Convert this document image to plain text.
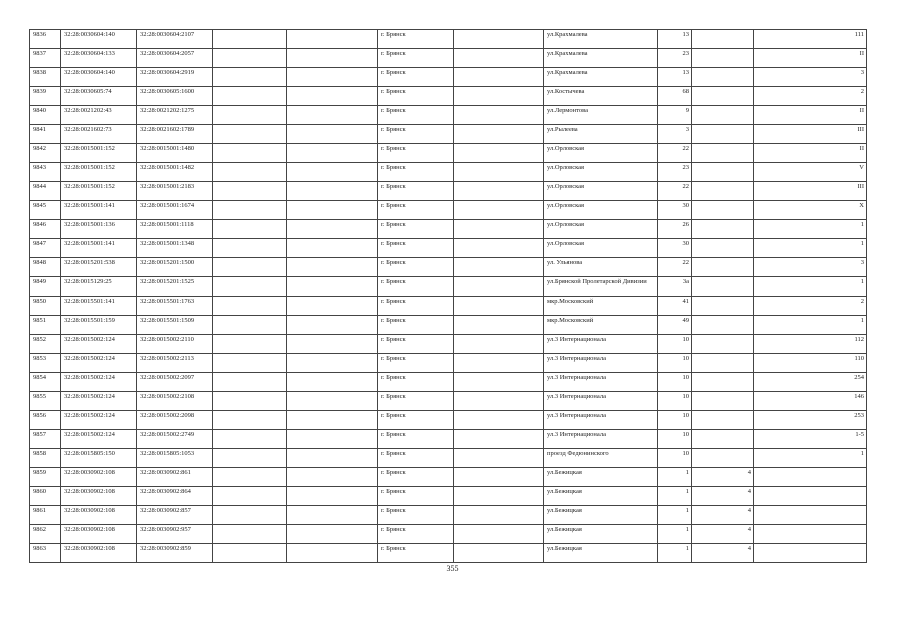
9836	32:28:0030604:140	32:28:0030604:2107			г. Брянск		ул.Крахмалева	13		111
9837	32:28:0030604:133	32:28:0030604:2057			г. Брянск		ул.Крахмалева	23		II
9838	32:28:0030604:140	32:28:0030604:2919			г. Брянск		ул.Крахмалева	13		3
9839	32:28:0030605:74	32:28:0030605:1600			г. Брянск		ул.Костычева	68		2
9840	32:28:0021202:43	32:28:0021202:1275			г. Брянск		ул.Лермонтова	9		II
9841	32:28:0021602:73	32:28:0021602:1789			г. Брянск		ул.Рылеева	3		III
9842	32:28:0015001:152	32:28:0015001:1480			г. Брянск		ул.Орловская	22		II
9843	32:28:0015001:152	32:28:0015001:1482			г. Брянск		ул.Орловская	23		V
9844	32:28:0015001:152	32:28:0015001:2183			г. Брянск		ул.Орловская	22		III
9845	32:28:0015001:141	32:28:0015001:1674			г. Брянск		ул.Орловская	30		X
9846	32:28:0015001:136	32:28:0015001:1118			г. Брянск		ул.Орловская	26		1
9847	32:28:0015001:141	32:28:0015001:1348			г. Брянск		ул.Орловская	30		1
9848	32:28:0015201:538	32:28:0015201:1500			г. Брянск		ул. Ульянова	22		3
9849	32:28:0015129:25	32:28:0015201:1525			г. Брянск		ул.Брянской Пролетарской Дивизии	3а		1
9850	32:28:0015501:141	32:28:0015501:1763			г. Брянск		мкр.Московский	41		2
9851	32:28:0015501:159	32:28:0015501:1509			г. Брянск		мкр.Московский	49		1
9852	32:28:0015002:124	32:28:0015002:2110			г. Брянск		ул.3 Интернационала	10		112
9853	32:28:0015002:124	32:28:0015002:2113			г. Брянск		ул.3 Интернационала	10		110
9854	32:28:0015002:124	32:28:0015002:2097			г. Брянск		ул.3 Интернационала	10		254
9855	32:28:0015002:124	32:28:0015002:2108			г. Брянск		ул.3 Интернационала	10		146
9856	32:28:0015002:124	32:28:0015002:2098			г. Брянск		ул.3 Интернационала	10		253
9857	32:28:0015002:124	32:28:0015002:2749			г. Брянск		ул.3 Интернационала	10		1-5
9858	32:28:0015805:150	32:28:0015805:1053			г. Брянск		проезд Федюнинского	10		1
9859	32:28:0030902:108	32:28:0030902:861			г. Брянск		ул.Бежицкая	1	4	
9860	32:28:0030902:108	32:28:0030902:864			г. Брянск		ул.Бежицкая	1	4	
9861	32:28:0030902:108	32:28:0030902:857			г. Брянск		ул.Бежицкая	1	4	
9862	32:28:0030902:108	32:28:0030902:957			г. Брянск		ул.Бежицкая	1	4	
9863	32:28:0030902:108	32:28:0030902:859			г. Брянск		ул.Бежицкая	1	4	
355
